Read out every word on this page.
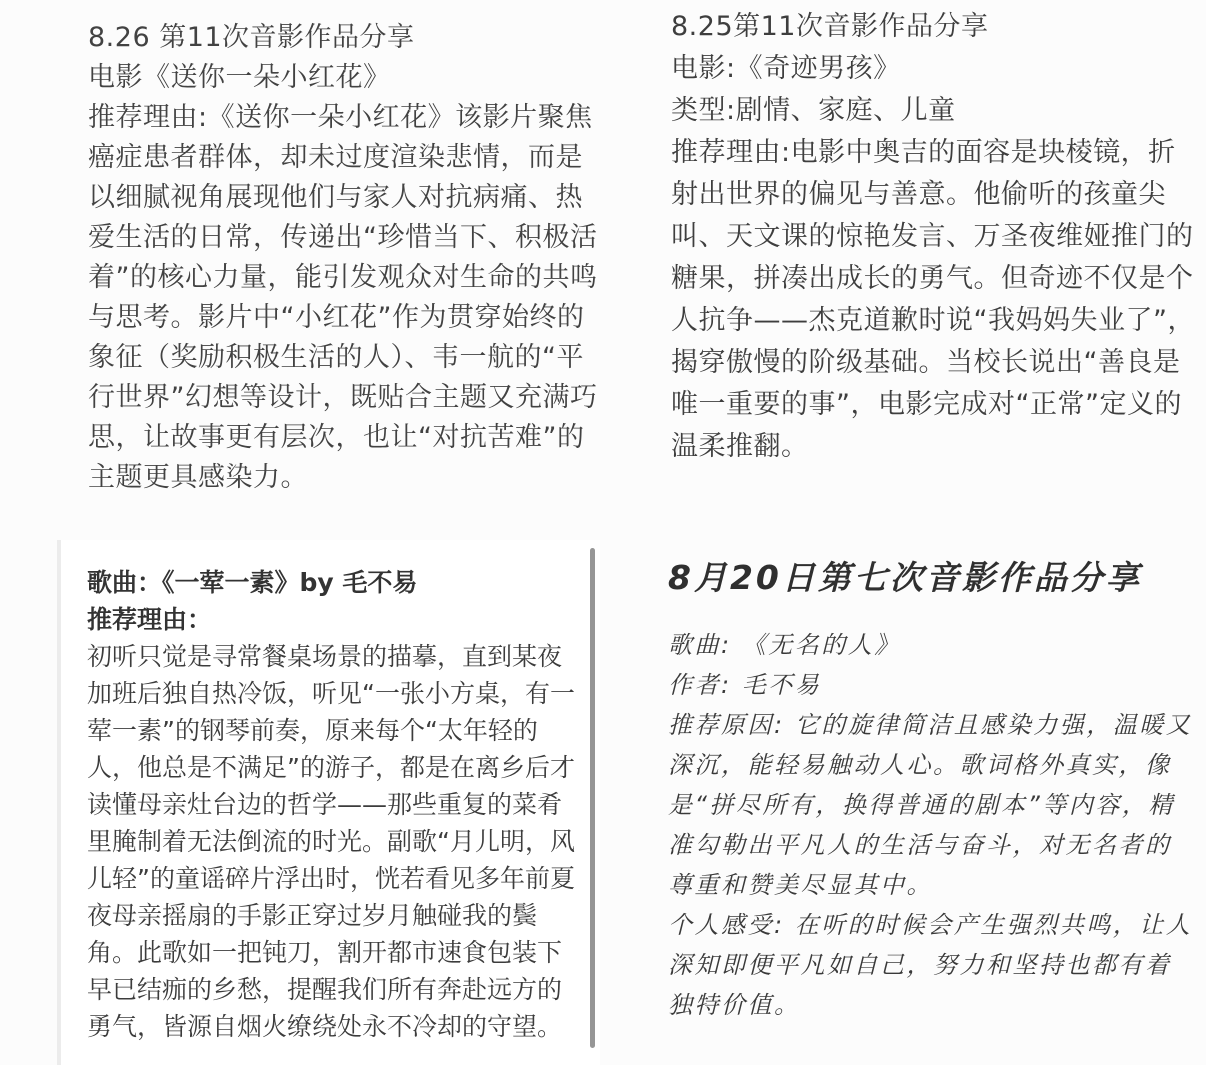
8.26 第11次音影作品分享
电影《送你一朵小红花》
推荐理由:《送你一朵小红花》该影片聚焦癌症患者群体，却未过度渲染悲情，而是以细腻视角展现他们与家人对抗病痛、热爱生活的日常，传递出“珍惜当下、积极活着”的核心力量，能引发观众对生命的共鸣与思考。影片中“小红花”作为贯穿始终的象征（奖励积极生活的人）、韦一航的“平行世界”幻想等设计，既贴合主题又充满巧思，让故事更有层次，也让“对抗苦难”的主题更具感染力。
8.25第11次音影作品分享
电影:《奇迹男孩》
类型:剧情、家庭、儿童
推荐理由:电影中奥吉的面容是块棱镜，折射出世界的偏见与善意。他偷听的孩童尖叫、天文课的惊艳发言、万圣夜维娅推门的糖果，拼凑出成长的勇气。但奇迹不仅是个人抗争——杰克道歉时说“我妈妈失业了”，揭穿傲慢的阶级基础。当校长说出“善良是唯一重要的事”，电影完成对“正常”定义的温柔推翻。
歌曲：《一荤一素》by 毛不易
推荐理由：
初听只觉是寻常餐桌场景的描摹，直到某夜加班后独自热冷饭，听见“一张小方桌，有一荤一素”的钢琴前奏，原来每个“太年轻的人，他总是不满足”的游子，都是在离乡后才读懂母亲灶台边的哲学——那些重复的菜肴里腌制着无法倒流的时光。副歌“月儿明，风儿轻”的童谣碎片浮出时，恍若看见多年前夏夜母亲摇扇的手影正穿过岁月触碰我的鬓角。此歌如一把钝刀，割开都市速食包装下早已结痂的乡愁，提醒我们所有奔赴远方的勇气，皆源自烟火缭绕处永不冷却的守望。
8月20日第七次音影作品分享
歌曲: 《无名的人》
作者: 毛不易

推荐原因: 它的旋律简洁且感染力强，温暖又深沉，能轻易触动人心。歌词格外真实，像是“拼尽所有，换得普通的剧本”等内容，精准勾勒出平凡人的生活与奋斗，对无名者的尊重和赞美尽显其中。

个人感受: 在听的时候会产生强烈共鸣，让人深知即便平凡如自己，努力和坚持也都有着独特价值。
